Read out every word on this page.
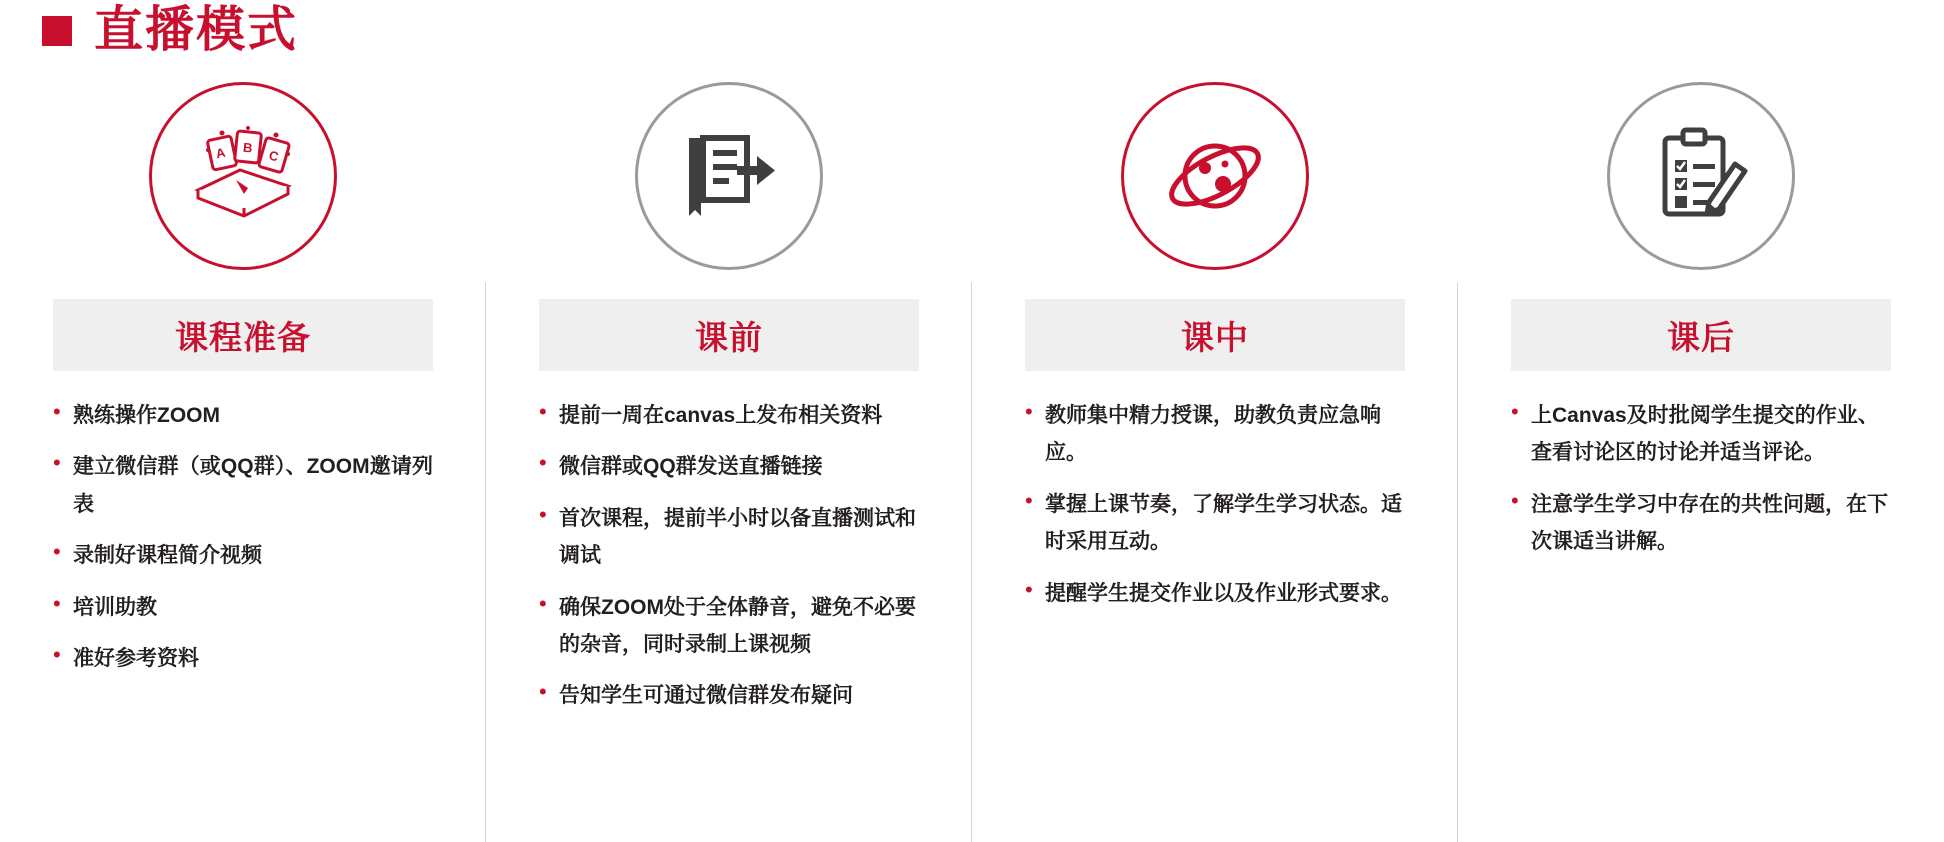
直播模式
A B C
课程准备
• 熟练操作ZOOM
• 建立微信群（或QQ群）、ZOOM邀请列表
• 录制好课程简介视频
• 培训助教
• 准好参考资料
课前
• 提前一周在canvas上发布相关资料
• 微信群或QQ群发送直播链接
• 首次课程，提前半小时以备直播测试和调试
• 确保ZOOM处于全体静音，避免不必要的杂音，同时录制上课视频
• 告知学生可通过微信群发布疑问
课中
• 教师集中精力授课，助教负责应急响应。
• 掌握上课节奏，了解学生学习状态。适时采用互动。
• 提醒学生提交作业以及作业形式要求。
课后
• 上Canvas及时批阅学生提交的作业、查看讨论区的讨论并适当评论。
• 注意学生学习中存在的共性问题，在下次课适当讲解。
